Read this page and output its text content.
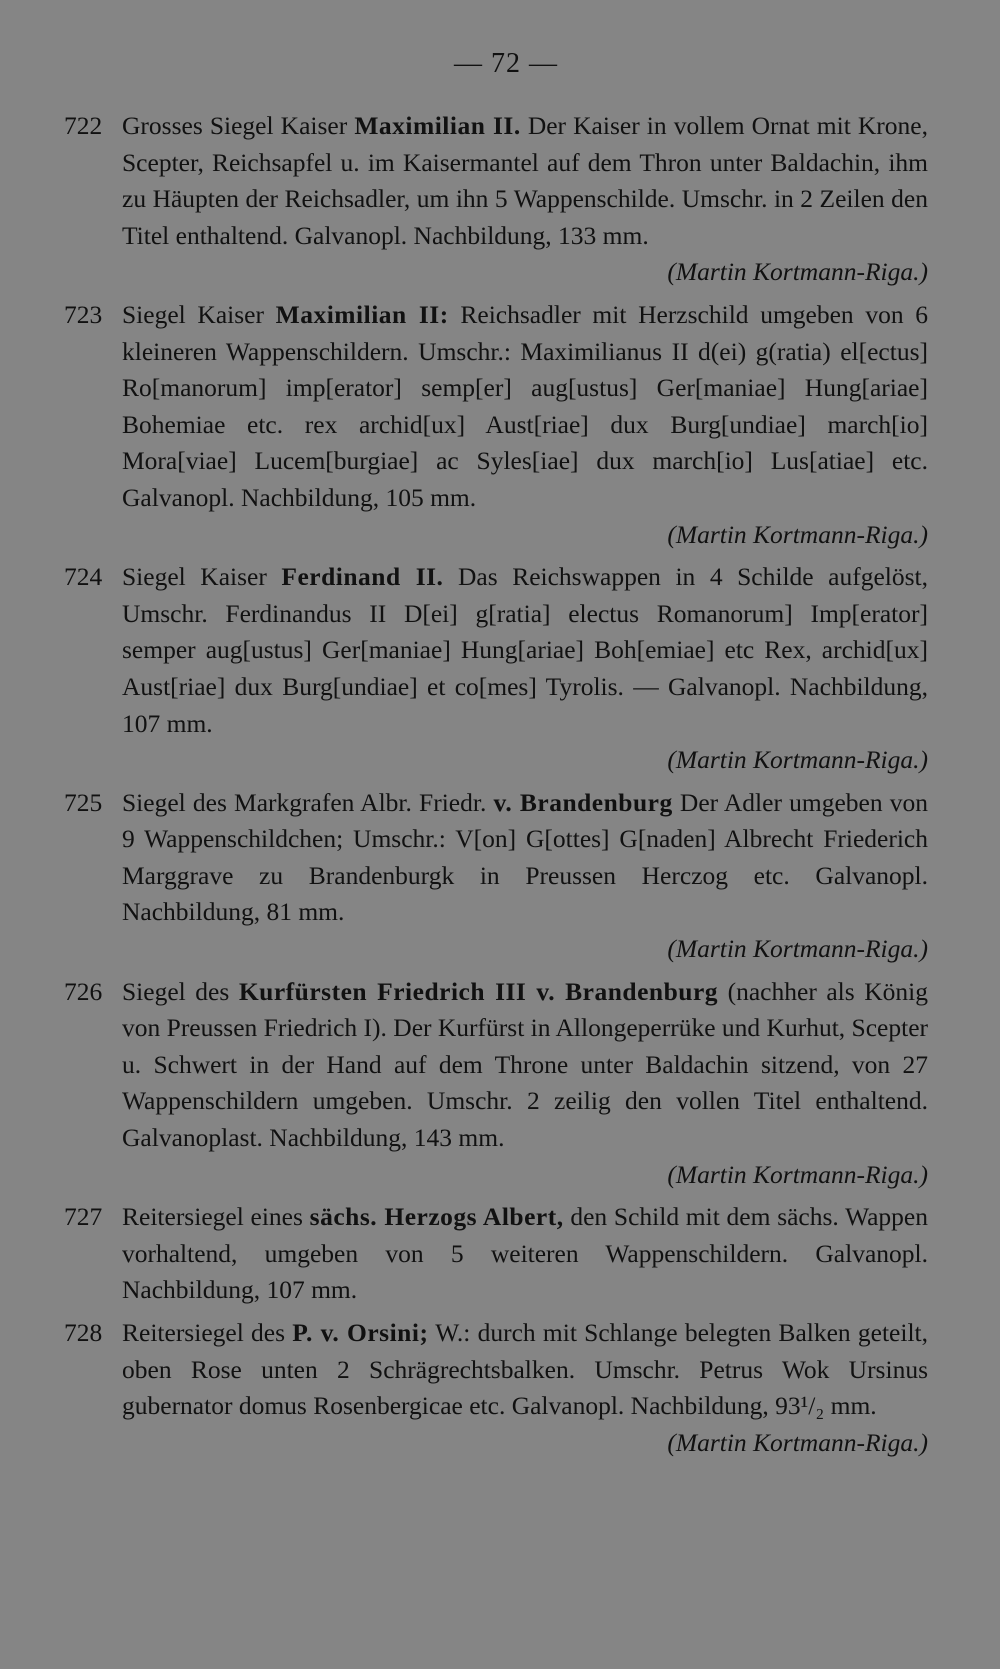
— 72 —
722 Grosses Siegel Kaiser Maximilian II. Der Kaiser in vollem Ornat mit Krone, Scepter, Reichsapfel u. im Kaisermantel auf dem Thron unter Baldachin, ihm zu Häupten der Reichsadler, um ihn 5 Wappenschilde. Umschr. in 2 Zeilen den Titel enthaltend. Galvanopl. Nachbildung, 133 mm.
(Martin Kortmann-Riga.)
723 Siegel Kaiser Maximilian II: Reichsadler mit Herzschild umgeben von 6 kleineren Wappenschildern. Umschr.: Maximilianus II d(ei) g(ratia) el[ectus] Ro[manorum] imp[erator] semp[er] aug[ustus] Ger[maniae] Hung[ariae] Bohemiae etc. rex archid[ux] Aust[riae] dux Burg[undiae] march[io] Mora[viae] Lucem[burgiae] ac Syles[iae] dux march[io] Lus[atiae] etc. Galvanopl. Nachbildung, 105 mm.
(Martin Kortmann-Riga.)
724 Siegel Kaiser Ferdinand II. Das Reichswappen in 4 Schilde aufgelöst, Umschr. Ferdinandus II D[ei] g[ratia] electus Romanorum] Imp[erator] semper aug[ustus] Ger[maniae] Hung[ariae] Boh[emiae] etc Rex, archid[ux] Aust[riae] dux Burg[undiae] et co[mes] Tyrolis. — Galvanopl. Nachbildung, 107 mm.
(Martin Kortmann-Riga.)
725 Siegel des Markgrafen Albr. Friedr. v. Brandenburg Der Adler umgeben von 9 Wappenschildchen; Umschr.: V[on] G[ottes] G[naden] Albrecht Friederich Marggrave zu Brandenburgk in Preussen Herczog etc. Galvanopl. Nachbildung, 81 mm.
(Martin Kortmann-Riga.)
726 Siegel des Kurfürsten Friedrich III v. Brandenburg (nachher als König von Preussen Friedrich I). Der Kurfürst in Allongeperrüke und Kurhut, Scepter u. Schwert in der Hand auf dem Throne unter Baldachin sitzend, von 27 Wappenschildern umgeben. Umschr. 2 zeilig den vollen Titel enthaltend. Galvanoplast. Nachbildung, 143 mm.
(Martin Kortmann-Riga.)
727 Reitersiegel eines sächs. Herzogs Albert, den Schild mit dem sächs. Wappen vorhaltend, umgeben von 5 weiteren Wappenschildern. Galvanopl. Nachbildung, 107 mm.
728 Reitersiegel des P. v. Orsini; W.: durch mit Schlange belegten Balken geteilt, oben Rose unten 2 Schrägrechtsbalken. Umschr. Petrus Wok Ursinus gubernator domus Rosenbergicae etc. Galvanopl. Nachbildung, 93¹/₂ mm.
(Martin Kortmann-Riga.)
